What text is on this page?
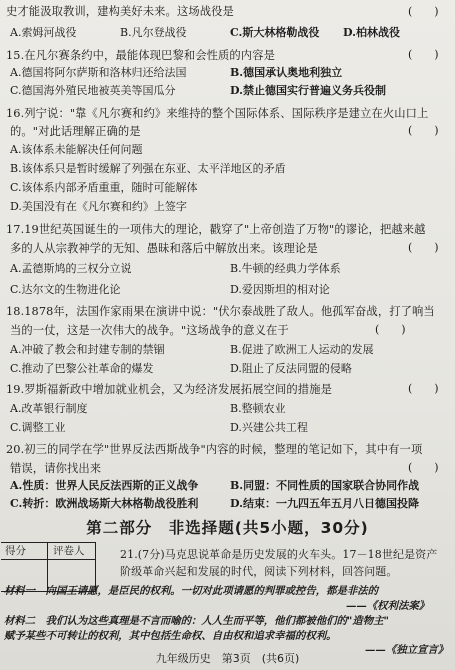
史才能汲取教训，建构美好未来。这场战役是	(　　)
A.索姆河战役	B.凡尔登战役	C.斯大林格勒战役 D.柏林战役
15.在凡尔赛条约中，最能体现巴黎和会性质的内容是	(　　)
A.德国将阿尔萨斯和洛林归还给法国	B.德国承认奥地利独立
C.德国海外殖民地被英美等国瓜分	D.禁止德国实行普遍义务兵役制
16.列宁说："靠《凡尔赛和约》来维持的整个国际体系、国际秩序是建立在火山口上
的。"对此话理解正确的是	(　　)
A.该体系未能解决任何问题
B.该体系只是暂时缓解了列强在东亚、太平洋地区的矛盾
C.该体系内部矛盾重重，随时可能解体
D.美国没有在《凡尔赛和约》上签字
17.19世纪英国诞生的一项伟大的理论，戳穿了"上帝创造了万物"的谬论，把越来越
多的人从宗教神学的无知、愚昧和落后中解放出来。该理论是	(　　)
A.孟德斯鸠的三权分立说	B.牛顿的经典力学体系
C.达尔文的生物进化论	D.爱因斯坦的相对论
18.1878年，法国作家雨果在演讲中说："伏尔泰战胜了敌人。他孤军奋战，打了响当
当的一仗，这是一次伟大的战争。"这场战争的意义在于	(　　)
A.冲破了教会和封建专制的禁锢	B.促进了欧洲工人运动的发展
C.推动了巴黎公社革命的爆发	D.阻止了反法同盟的侵略
19.罗斯福新政中增加就业机会，又为经济发展拓展空间的措施是	(　　)
A.改革银行制度	B.整顿农业
C.调整工业	D.兴建公共工程
20.初三的同学在学"世界反法西斯战争"内容的时候，整理的笔记如下，其中有一项
错误，请你找出来	(　　)
A.性质：世界人民反法西斯的正义战争	B.同盟：不同性质的国家联合协同作战
C.转折：欧洲战场斯大林格勒战役胜利	D.结束：一九四五年五月八日德国投降
第二部分　非选择题(共5小题，30分)
得分	评卷人	21.(7分)马克思说革命是历史发展的火车头。17－18世纪是资产
阶级革命兴起和发展的时代，阅读下列材料，回答问题。
材料一　向国王请愿，是臣民的权利。一切对此项请愿的判罪或控告，都是非法的
——《权利法案》
材料二　我们认为这些真理是不言而喻的：人人生而平等，他们都被他们的"造物主"
赋予某些不可转让的权利，其中包括生命权、自由权和追求幸福的权利。
——《独立宣言》
九年级历史　第3页　(共6页)
